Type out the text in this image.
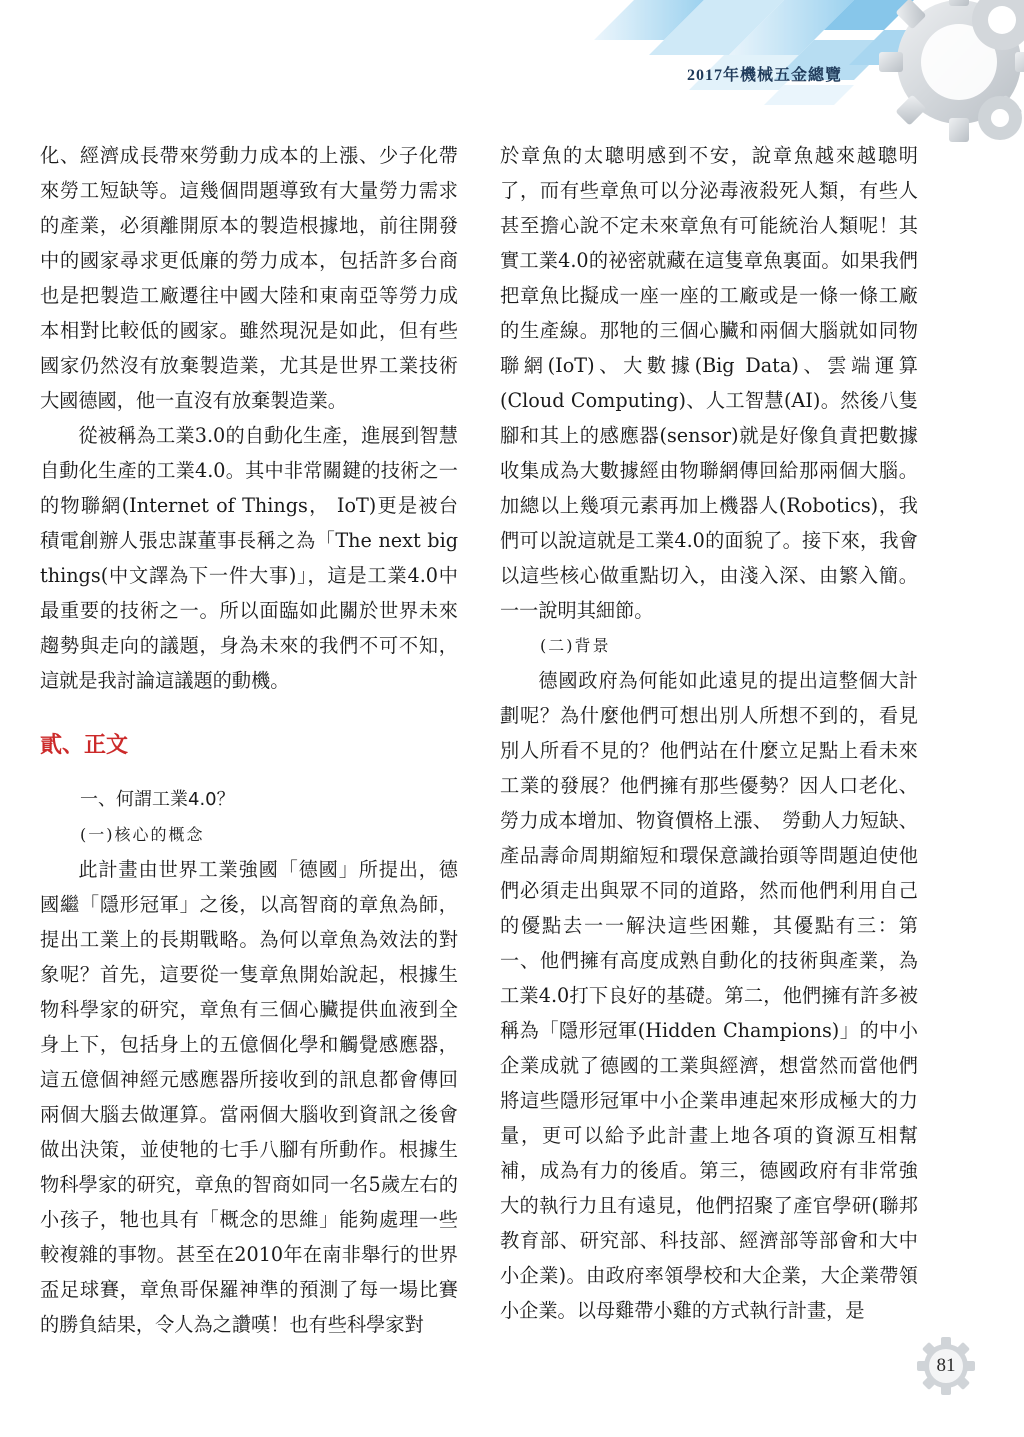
2017年機械五金總覽

化、經濟成長帶來勞動力成本的上漲、少子化帶來勞工短缺等。這幾個問題導致有大量勞力需求的產業，必須離開原本的製造根據地，前往開發中的國家尋求更低廉的勞力成本，包括許多台商也是把製造工廠遷往中國大陸和東南亞等勞力成本相對比較低的國家。雖然現況是如此，但有些國家仍然沒有放棄製造業，尤其是世界工業技術大國德國，他一直沒有放棄製造業。

從被稱為工業3.0的自動化生產，進展到智慧自動化生產的工業4.0。其中非常關鍵的技術之一的物聯網(Internet of Things， IoT)更是被台積電創辦人張忠謀董事長稱之為「The next big things(中文譯為下一件大事)」，這是工業4.0中最重要的技術之一。所以面臨如此關於世界未來趨勢與走向的議題，身為未來的我們不可不知，這就是我討論這議題的動機。

貳、正文
一、何謂工業4.0？
(一)核心的概念

此計畫由世界工業強國「德國」所提出，德國繼「隱形冠軍」之後，以高智商的章魚為師，提出工業上的長期戰略。為何以章魚為效法的對象呢？首先，這要從一隻章魚開始說起，根據生物科學家的研究，章魚有三個心臟提供血液到全身上下，包括身上的五億個化學和觸覺感應器，這五億個神經元感應器所接收到的訊息都會傳回兩個大腦去做運算。當兩個大腦收到資訊之後會做出決策，並使牠的七手八腳有所動作。根據生物科學家的研究，章魚的智商如同一名5歲左右的小孩子，牠也具有「概念的思維」能夠處理一些較複雜的事物。甚至在2010年在南非舉行的世界盃足球賽，章魚哥保羅神準的預測了每一場比賽的勝負結果，令人為之讚嘆！也有些科學家對

於章魚的太聰明感到不安，說章魚越來越聰明了，而有些章魚可以分泌毒液殺死人類，有些人甚至擔心說不定未來章魚有可能統治人類呢！其實工業4.0的祕密就藏在這隻章魚裏面。如果我們把章魚比擬成一座一座的工廠或是一條一條工廠的生產線。那牠的三個心臟和兩個大腦就如同物聯網(IoT)、大數據(Big Data)、雲端運算(Cloud Computing)、人工智慧(AI)。然後八隻腳和其上的感應器(sensor)就是好像負責把數據收集成為大數據經由物聯網傳回給那兩個大腦。加總以上幾項元素再加上機器人(Robotics)，我們可以說這就是工業4.0的面貌了。接下來，我會以這些核心做重點切入，由淺入深、由繁入簡。一一說明其細節。

(二)背景

德國政府為何能如此遠見的提出這整個大計劃呢？為什麼他們可想出別人所想不到的，看見別人所看不見的？他們站在什麼立足點上看未來工業的發展？他們擁有那些優勢？因人口老化、勞力成本增加、物資價格上漲、　勞動人力短缺、產品壽命周期縮短和環保意識抬頭等問題迫使他們必須走出與眾不同的道路，然而他們利用自己的優點去一一解決這些困難，其優點有三：第一、他們擁有高度成熟自動化的技術與產業，為工業4.0打下良好的基礎。第二，他們擁有許多被稱為「隱形冠軍(Hidden Champions)」的中小企業成就了德國的工業與經濟，想當然而當他們將這些隱形冠軍中小企業串連起來形成極大的力量，更可以給予此計畫上地各項的資源互相幫補，成為有力的後盾。第三，德國政府有非常強大的執行力且有遠見，他們招聚了產官學研(聯邦教育部、研究部、科技部、經濟部等部會和大中小企業)。由政府率領學校和大企業，大企業帶領小企業。以母雞帶小雞的方式執行計畫，是

81
